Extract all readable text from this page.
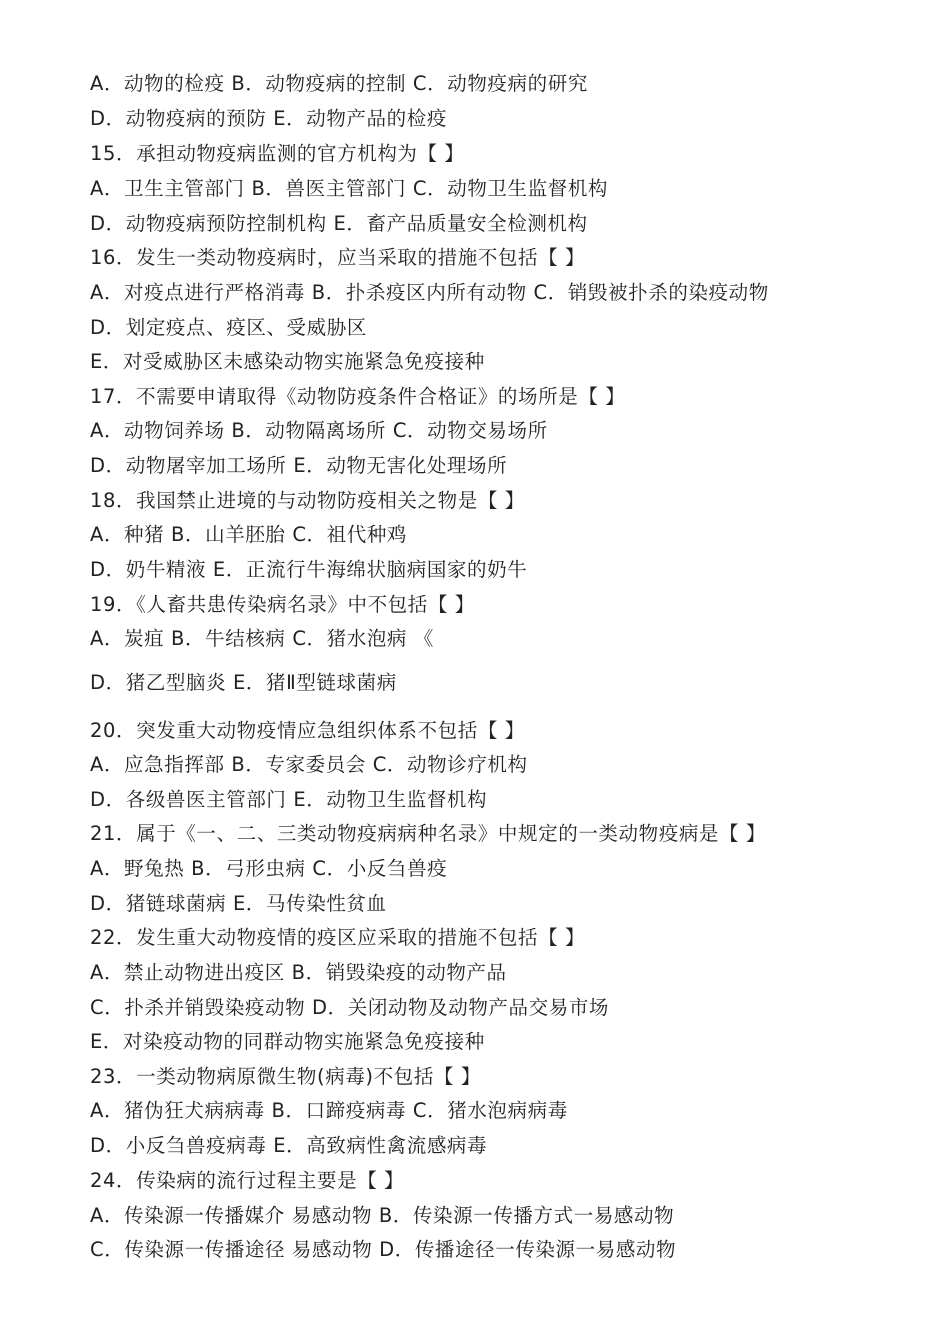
A．动物的检疫 B．动物疫病的控制 C．动物疫病的研究
D．动物疫病的预防 E．动物产品的检疫
15．承担动物疫病监测的官方机构为【 】
A．卫生主管部门 B．兽医主管部门 C．动物卫生监督机构
D．动物疫病预防控制机构 E．畜产品质量安全检测机构
16．发生一类动物疫病时，应当采取的措施不包括【 】
A．对疫点进行严格消毒 B．扑杀疫区内所有动物 C．销毁被扑杀的染疫动物
D．划定疫点、疫区、受威胁区
E．对受威胁区未感染动物实施紧急免疫接种
17．不需要申请取得《动物防疫条件合格证》的场所是【 】
A．动物饲养场 B．动物隔离场所 C．动物交易场所
D．动物屠宰加工场所 E．动物无害化处理场所
18．我国禁止进境的与动物防疫相关之物是【 】
A．种猪 B．山羊胚胎 C．祖代种鸡
D．奶牛精液 E．正流行牛海绵状脑病国家的奶牛
19．《人畜共患传染病名录》中不包括【 】
A．炭疽 B．牛结核病 C．猪水泡病 《
D．猪乙型脑炎 E．猪Ⅱ型链球菌病
20．突发重大动物疫情应急组织体系不包括【 】
A．应急指挥部 B．专家委员会 C．动物诊疗机构
D．各级兽医主管部门 E．动物卫生监督机构
21．属于《一、二、三类动物疫病病种名录》中规定的一类动物疫病是【 】
A．野兔热 B．弓形虫病 C．小反刍兽疫
D．猪链球菌病 E．马传染性贫血
22．发生重大动物疫情的疫区应采取的措施不包括【 】
A．禁止动物进出疫区 B．销毁染疫的动物产品
C．扑杀并销毁染疫动物 D．关闭动物及动物产品交易市场
E．对染疫动物的同群动物实施紧急免疫接种
23．一类动物病原微生物(病毒)不包括【 】
A．猪伪狂犬病病毒 B．口蹄疫病毒 C．猪水泡病病毒
D．小反刍兽疫病毒 E．高致病性禽流感病毒
24．传染病的流行过程主要是【 】
A．传染源一传播媒介 易感动物 B．传染源一传播方式一易感动物
C．传染源一传播途径 易感动物 D．传播途径一传染源一易感动物
